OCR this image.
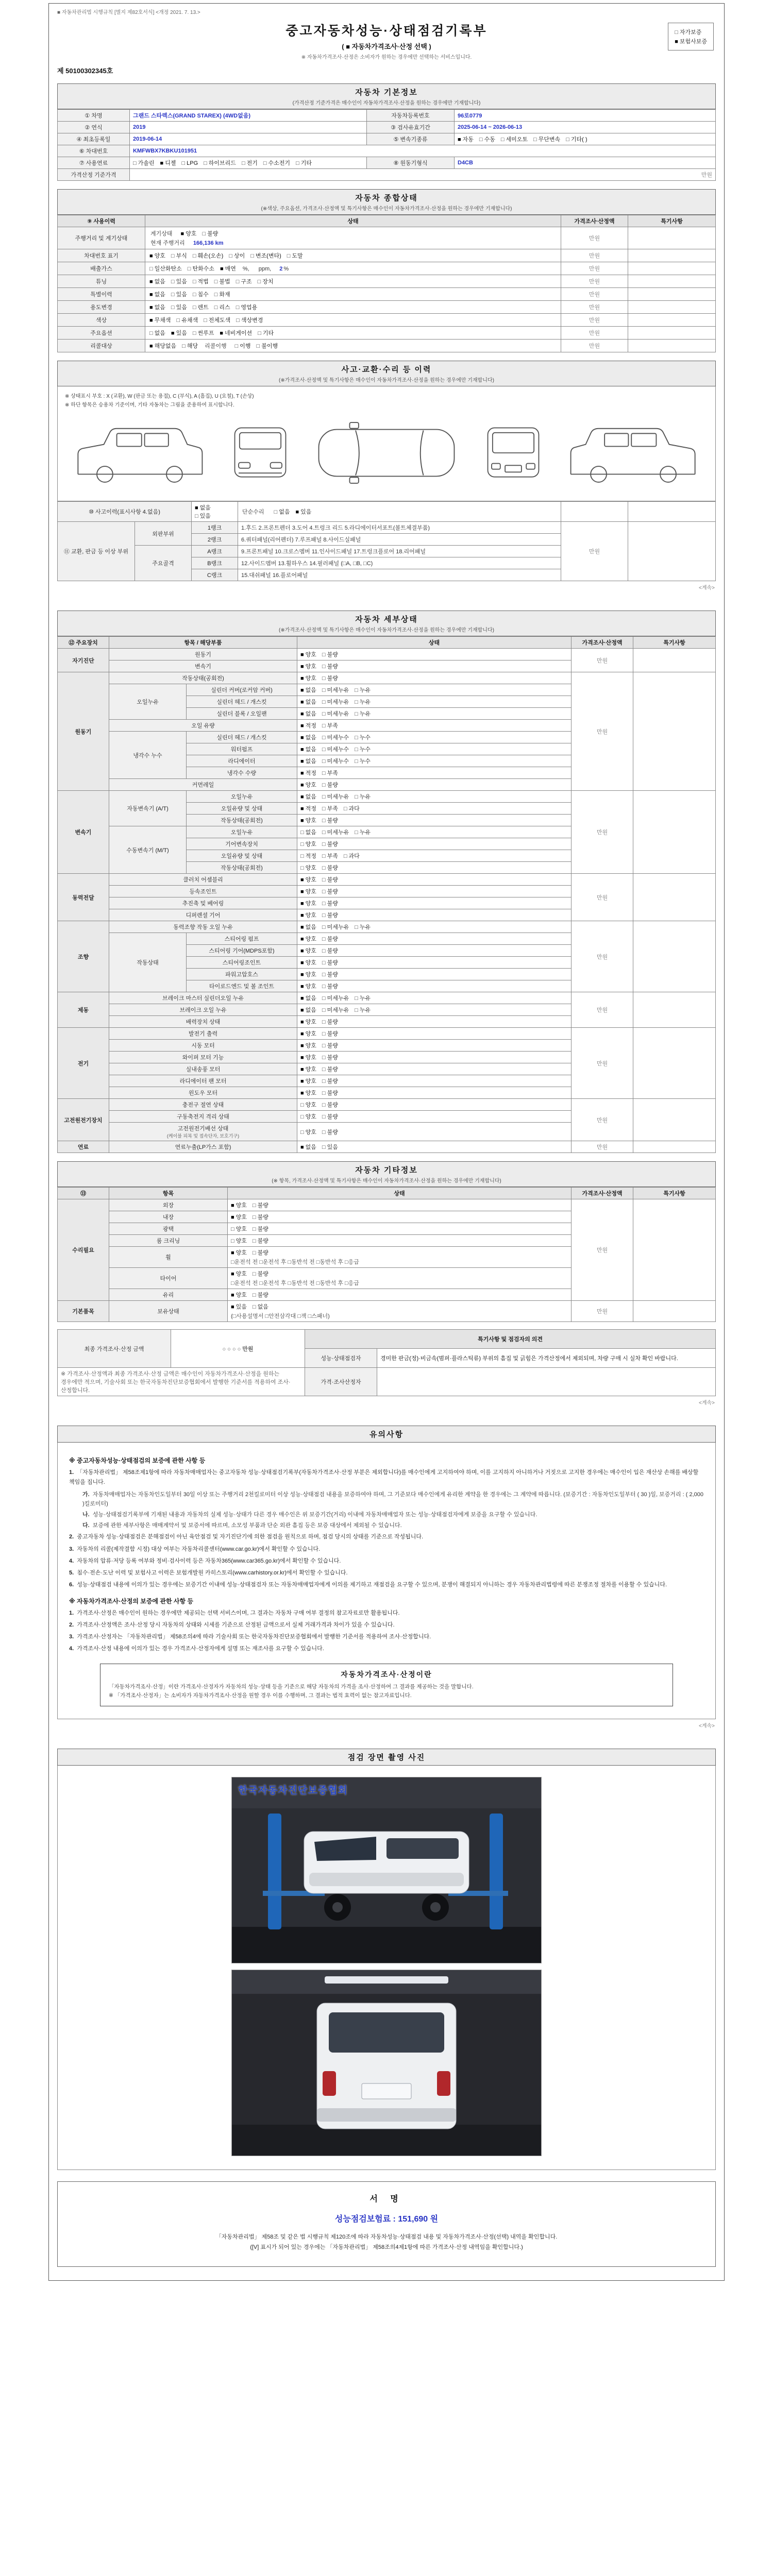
■ 자동차관리법 시행규칙 [별지 제82호서식] <개정 2021. 7. 13.>
중고자동차성능·상태점검기록부
( ■ 자동차가격조사·산정 선택 )
※ 자동차가격조사·산정은 소비자가 원하는 경우에만 선택하는 서비스입니다.
□ 자가보증
■ 보험사보증
제 50100302345호
자동차 기본정보
(가격산정 기준가격은 매수인이 자동차가격조사·산정을 원하는 경우에만 기재합니다)
① 차명	그랜드 스타렉스(GRAND STAREX) (4WD없음)	자동차등록번호	96로0779
② 연식	2019	③ 검사유효기간	2025-06-14 ~ 2026-06-13
④ 최초등록일	2019-06-14	⑤ 변속기종류	■ 자동 □ 수동 □ 세미오토 □ 무단변속 □ 기타( )
⑥ 차대번호	KMFWBX7KBKU101951		
⑦ 사용연료	□ 가솔린 ■ 디젤 □ LPG □ 하이브리드 □ 전기 □ 수소전기 □ 기타	⑧ 원동기형식	D4CB
가격산정 기준가격	만원		
자동차 종합상태
(※색상, 주요옵션, 가격조사·산정액 및 특기사항은 매수인이 자동차가격조사·산정을 원하는 경우에만 기재합니다)
⑨ 사용이력	상태	가격조사·산정액	특기사항
주행거리 및 계기상태	계기상태 ■ 양호 □ 불량
현재 주행거리 166,136 km	만원	
차대번호 표기	■ 양호 □ 부식 □ 훼손(오손) □ 상이 □ 변조(변타) □ 도말	만원	
배출가스	□ 일산화탄소 □ 탄화수소 ■ 매연 %, ppm, 2 %	만원	
튜닝	■ 없음 □ 있음 □ 적법 □ 불법 □ 구조 □ 장치	만원	
특별이력	■ 없음 □ 있음 □ 침수 □ 화재	만원	
용도변경	■ 없음 □ 있음 □ 렌트 □ 리스 □ 영업용	만원	
색상	■ 무채색 □ 유채색 □ 전체도색 □ 색상변경	만원	
주요옵션	□ 없음 ■ 있음 □ 썬루프 ■ 네비게이션 □ 기타	만원	
리콜대상	■ 해당없음 □ 해당 리콜이행 □ 이행 □ 불이행	만원	
사고·교환·수리 등 이력
(※가격조사·산정액 및 특기사항은 매수인이 자동차가격조사·산정을 원하는 경우에만 기재합니다)
※ 상태표시 부호 : X (교환), W (판금 또는 용접), C (부식), A (흠집), U (요철), T (손상)
※ 하단 항목은 승용차 기준이며, 기타 자동차는 그림을 준용하여 표시합니다.
⑩ 사고이력(표시사항 4.없음)		■ 없음□ 있음	단순수리 □ 없음 ■ 있음		
⑪ 교환, 판금 등 이상 부위	외판부위	1랭크	1.후드 2.프론트펜더 3.도어 4.트렁크 리드 5.라디에이터서포트(볼트체결부품)	만원	
		2랭크	6.쿼터패널(리어펜더) 7.루프패널 8.사이드실패널		
	주요골격	A랭크	9.프론트패널 10.크로스멤버 11.인사이드패널 17.트렁크플로어 18.리어패널		
		B랭크	12.사이드멤버 13.휠하우스 14.필러패널 (□A, □B, □C)		
		C랭크	15.대쉬패널 16.플로어패널		
<계속>
자동차 세부상태
(※가격조사·산정액 및 특기사항은 매수인이 자동차가격조사·산정을 원하는 경우에만 기재합니다)
⑫ 주요장치	항목 / 해당부품		상태	가격조사·산정액	특기사항
자기진단	원동기		■ 양호 □ 불량	만원	

	변속기		■ 양호 □ 불량		
원동기	작동상태(공회전)		■ 양호 □ 불량	만원	

	오일누유	실린더 커버(로커암 커버)	■ 없음 □ 미세누유 □ 누유		
		실린더 헤드 / 개스킷	■ 없음 □ 미세누유 □ 누유		
		실린더 블록 / 오일팬	■ 없음 □ 미세누유 □ 누유		

	오일 유량		■ 적정 □ 부족		

	냉각수 누수	실린더 헤드 / 개스킷	■ 없음 □ 미세누수 □ 누수		
		워터펌프	■ 없음 □ 미세누수 □ 누수		
		라디에이터	■ 없음 □ 미세누수 □ 누수		
		냉각수 수량	■ 적정 □ 부족		

	커먼레일		■ 양호 □ 불량		
변속기	자동변속기 (A/T)	오일누유	■ 없음 □ 미세누유 □ 누유	만원	
		오일유량 및 상태	■ 적정 □ 부족 □ 과다		
		작동상태(공회전)	■ 양호 □ 불량		

	수동변속기 (M/T)	오일누유	□ 없음 □ 미세누유 □ 누유		
		기어변속장치	□ 양호 □ 불량		
		오일유량 및 상태	□ 적정 □ 부족 □ 과다		
		작동상태(공회전)	□ 양호 □ 불량		
동력전달	클러치 어셈블리		■ 양호 □ 불량	만원	

	등속조인트		■ 양호 □ 불량		

	추진축 및 베어링		■ 양호 □ 불량		

	디퍼렌셜 기어		■ 양호 □ 불량		
조향	동력조향 작동 오일 누유		■ 없음 □ 미세누유 □ 누유	만원	

	작동상태	스티어링 펌프	■ 양호 □ 불량		
		스티어링 기어(MDPS포함)	■ 양호 □ 불량		
		스티어링조인트	■ 양호 □ 불량		
		파워고압호스	■ 양호 □ 불량		
		타이로드엔드 및 볼 조인트	■ 양호 □ 불량		
제동	브레이크 마스터 실린더오일 누유		■ 없음 □ 미세누유 □ 누유	만원	

	브레이크 오일 누유		■ 없음 □ 미세누유 □ 누유		

	배력장치 상태		■ 양호 □ 불량		
전기	발전기 출력		■ 양호 □ 불량	만원	

	시동 모터		■ 양호 □ 불량		

	와이퍼 모터 기능		■ 양호 □ 불량		

	실내송풍 모터		■ 양호 □ 불량		

	라디에이터 팬 모터		■ 양호 □ 불량		

	윈도우 모터		■ 양호 □ 불량		
고전원전기장치	충전구 절연 상태		□ 양호 □ 불량	만원	

	구동축전지 격리 상태		□ 양호 □ 불량		

	고전원전기배선 상태
(케이블 피복 및 접속단자, 보호기구)		□ 양호 □ 불량		
연료	연료누출(LP가스 포함)		■ 없음 □ 있음	만원	
자동차 기타정보
(※ 항목, 가격조사·산정액 및 특기사항은 매수인이 자동차가격조사·산정을 원하는 경우에만 기재합니다)
⑬	항목	상태	가격조사·산정액	특기사항
수리필요	외장	■ 양호 □ 불량	만원	

	내장	■ 양호 □ 불량		

	광택	□ 양호 □ 불량		

	룸 크리닝	□ 양호 □ 불량		

	휠	■ 양호 □ 불량
□운전석 전 □운전석 후 □동반석 전 □동반석 후 □응급		

	타이어	■ 양호 □ 불량
□운전석 전 □운전석 후 □동반석 전 □동반석 후 □응급		

	유리	■ 양호 □ 불량		
기본품목	보유상태	■ 있음 □ 없음
(□사용설명서 □안전삼각대 □잭 □스패너)	만원	
최종 가격조사·산정 금액	○ ○ ○ ○ 만원	특기사항 및 점검자의 의견	
		성능·상태점검자	경미한 판금(정)·비금속(범퍼·플라스틱류) 부위의 흠집 및 긁힘은 가격산정에서 제외되며, 차량 구매 시 실차 확인 바랍니다.
※ 가격조사·산정액과 최종 가격조사·산정 금액은 매수인이 자동차가격조사·산정을 원하는 경우에만 적으며, 기술사회 또는 한국자동차진단보증협회에서 발행한 기준서를 적용하여 조사·산정합니다.		가격·조사산정자	
<계속>
유의사항
※ 중고자동차성능·상태점검의 보증에 관한 사항 등
1. 「자동차관리법」 제58조제1항에 따라 자동차매매업자는 중고자동차 성능·상태점검기록부(자동차가격조사·산정 부분은 제외합니다)를 매수인에게 고지하여야 하며, 이를 고지하지 아니하거나 거짓으로 고지한 경우에는 매수인이 입은 재산상 손해를 배상할 책임을 집니다.
가. 자동차매매업자는 자동차인도일부터 30일 이상 또는 주행거리 2천킬로미터 이상 성능·상태점검 내용을 보증하여야 하며, 그 기준보다 매수인에게 유리한 계약을 한 경우에는 그 계약에 따릅니다. (보증기간 : 자동차인도일부터 ( 30 )일, 보증거리 : ( 2,000 )킬로미터)
나. 성능·상태점검기록부에 기재된 내용과 자동차의 실제 성능·상태가 다른 경우 매수인은 위 보증기간(거리) 이내에 자동차매매업자 또는 성능·상태점검자에게 보증을 요구할 수 있습니다.
다. 보증에 관한 세부사항은 매매계약서 및 보증서에 따르며, 소모성 부품과 단순 외관 흠집 등은 보증 대상에서 제외될 수 있습니다.
2. 중고자동차 성능·상태점검은 분해점검이 아닌 육안점검 및 자기진단기에 의한 점검을 원칙으로 하며, 점검 당시의 상태를 기준으로 작성됩니다.
3. 자동차의 리콜(제작결함 시정) 대상 여부는 자동차리콜센터(www.car.go.kr)에서 확인할 수 있습니다.
4. 자동차의 압류·저당 등록 여부와 정비·검사이력 등은 자동차365(www.car365.go.kr)에서 확인할 수 있습니다.
5. 침수·전손·도난 이력 및 보험사고 이력은 보험개발원 카히스토리(www.carhistory.or.kr)에서 확인할 수 있습니다.
6. 성능·상태점검 내용에 이의가 있는 경우에는 보증기간 이내에 성능·상태점검자 또는 자동차매매업자에게 이의를 제기하고 재점검을 요구할 수 있으며, 분쟁이 해결되지 아니하는 경우 자동차관리법령에 따른 분쟁조정 절차를 이용할 수 있습니다.
※ 자동차가격조사·산정의 보증에 관한 사항 등
1. 가격조사·산정은 매수인이 원하는 경우에만 제공되는 선택 서비스이며, 그 결과는 자동차 구매 여부 결정의 참고자료로만 활용됩니다.
2. 가격조사·산정액은 조사·산정 당시 자동차의 상태와 시세를 기준으로 산정된 금액으로서 실제 거래가격과 차이가 있을 수 있습니다.
3. 가격조사·산정자는 「자동차관리법」 제58조의4에 따라 기술사회 또는 한국자동차진단보증협회에서 발행한 기준서를 적용하여 조사·산정합니다.
4. 가격조사·산정 내용에 이의가 있는 경우 가격조사·산정자에게 설명 또는 재조사를 요구할 수 있습니다.
자동차가격조사·산정이란
「자동차가격조사·산정」이란 가격조사·산정자가 자동차의 성능·상태 등을 기준으로 해당 자동차의 가격을 조사·산정하여 그 결과를 제공하는 것을 말합니다.
※ 「가격조사·산정자」는 소비자가 자동차가격조사·산정을 원할 경우 이를 수행하며, 그 결과는 법적 효력이 없는 참고자료입니다.
<계속>
점검 장면 촬영 사진
한국자동차진단보증협회
서 명
성능점검보험료 : 151,690 원
「자동차관리법」 제58조 및 같은 법 시행규칙 제120조에 따라 자동차성능·상태점검 내용 및 자동차가격조사·산정(선택) 내역을 확인합니다.
([V] 표시가 되어 있는 경우에는 「자동차관리법」 제58조의4제1항에 따른 가격조사·산정 내역임을 확인합니다.)
